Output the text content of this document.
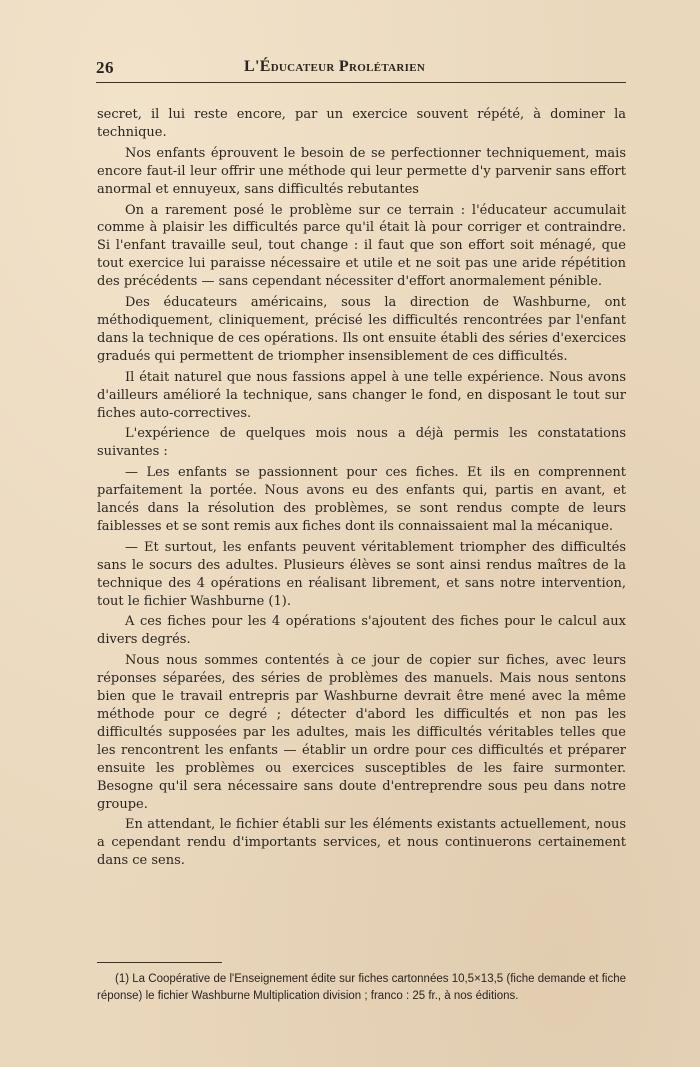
26	L'Éducateur Prolétarien

secret, il lui reste encore, par un exercice souvent répété, à dominer la technique.

Nos enfants éprouvent le besoin de se perfectionner techniquement, mais encore faut-il leur offrir une méthode qui leur permette d'y parvenir sans effort anormal et ennuyeux, sans difficultés rebutantes

On a rarement posé le problème sur ce terrain : l'éducateur accumulait comme à plaisir les difficultés parce qu'il était là pour corriger et contraindre. Si l'enfant travaille seul, tout change : il faut que son effort soit ménagé, que tout exercice lui paraisse nécessaire et utile et ne soit pas une aride répétition des précédents — sans cependant nécessiter d'effort anormalement pénible.

Des éducateurs américains, sous la direction de Washburne, ont méthodiquement, cliniquement, précisé les difficultés rencontrées par l'enfant dans la technique de ces opérations. Ils ont ensuite établi des séries d'exercices gradués qui permettent de triompher insensiblement de ces difficultés.

Il était naturel que nous fassions appel à une telle expérience. Nous avons d'ailleurs amélioré la technique, sans changer le fond, en disposant le tout sur fiches auto-correctives.

L'expérience de quelques mois nous a déjà permis les constatations suivantes :

— Les enfants se passionnent pour ces fiches. Et ils en comprennent parfaitement la portée. Nous avons eu des enfants qui, partis en avant, et lancés dans la résolution des problèmes, se sont rendus compte de leurs faiblesses et se sont remis aux fiches dont ils connaissaient mal la mécanique.

— Et surtout, les enfants peuvent véritablement triompher des difficultés sans le socurs des adultes. Plusieurs élèves se sont ainsi rendus maîtres de la technique des 4 opérations en réalisant librement, et sans notre intervention, tout le fichier Washburne (1).

A ces fiches pour les 4 opérations s'ajoutent des fiches pour le calcul aux divers degrés.

Nous nous sommes contentés à ce jour de copier sur fiches, avec leurs réponses séparées, des séries de problèmes des manuels. Mais nous sentons bien que le travail entrepris par Washburne devrait être mené avec la même méthode pour ce degré ; détecter d'abord les difficultés et non pas les difficultés supposées par les adultes, mais les difficultés véritables telles que les rencontrent les enfants — établir un ordre pour ces difficultés et préparer ensuite les problèmes ou exercices susceptibles de les faire surmonter. Besogne qu'il sera nécessaire sans doute d'entreprendre sous peu dans notre groupe.

En attendant, le fichier établi sur les éléments existants actuellement, nous a cependant rendu d'importants services, et nous continuerons certainement dans ce sens.

(1) La Coopérative de l'Enseignement édite sur fiches cartonnées 10,5×13,5 (fiche demande et fiche réponse) le fichier Washburne Multiplication division ; franco : 25 fr., à nos éditions.
